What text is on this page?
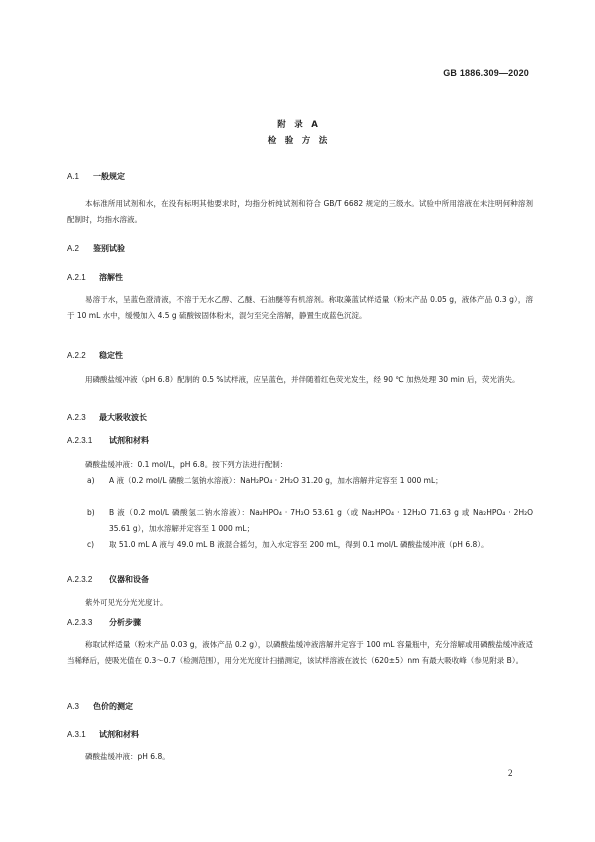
GB 1886.309—2020
附　录　A
检　验　方　法
A.1 一般规定
本标准所用试剂和水，在没有标明其他要求时，均指分析纯试剂和符合 GB/T 6682 规定的三级水。试验中所用溶液在未注明何种溶剂配制时，均指水溶液。
A.2 鉴别试验
A.2.1 溶解性
易溶于水，呈蓝色澄清液，不溶于无水乙醇、乙醚、石油醚等有机溶剂。称取藻蓝试样适量（粉末产品 0.05 g，液体产品 0.3 g），溶于 10 mL 水中，缓慢加入 4.5 g 硫酸铵固体粉末，混匀至完全溶解，静置生成蓝色沉淀。
A.2.2 稳定性
用磷酸盐缓冲液（pH 6.8）配制的 0.5 %试样液，应呈蓝色，并伴随着红色荧光发生，经 90 ℃ 加热处理 30 min 后，荧光消失。
A.2.3 最大吸收波长
A.2.3.1 试剂和材料
磷酸盐缓冲液：0.1 mol/L，pH 6.8。按下列方法进行配制：
a) A 液（0.2 mol/L 磷酸二氢钠水溶液）：NaH₂PO₄ · 2H₂O 31.20 g，加水溶解并定容至 1 000 mL；
b) B 液（0.2 mol/L 磷酸氢二钠水溶液）：Na₂HPO₄ · 7H₂O 53.61 g（或 Na₂HPO₄ · 12H₂O 71.63 g 或 Na₂HPO₄ · 2H₂O 35.61 g），加水溶解并定容至 1 000 mL；
c) 取 51.0 mL A 液与 49.0 mL B 液混合摇匀，加入水定容至 200 mL，得到 0.1 mol/L 磷酸盐缓冲液（pH 6.8）。
A.2.3.2 仪器和设备
紫外可见光分光光度计。
A.2.3.3 分析步骤
称取试样适量（粉末产品 0.03 g，液体产品 0.2 g），以磷酸盐缓冲液溶解并定容于 100 mL 容量瓶中，充分溶解或用磷酸盐缓冲液适当稀释后，使吸光值在 0.3～0.7（检测范围），用分光光度计扫描测定，该试样溶液在波长（620±5）nm 有最大吸收峰（参见附录 B）。
A.3 色价的测定
A.3.1 试剂和材料
磷酸盐缓冲液：pH 6.8。
2
